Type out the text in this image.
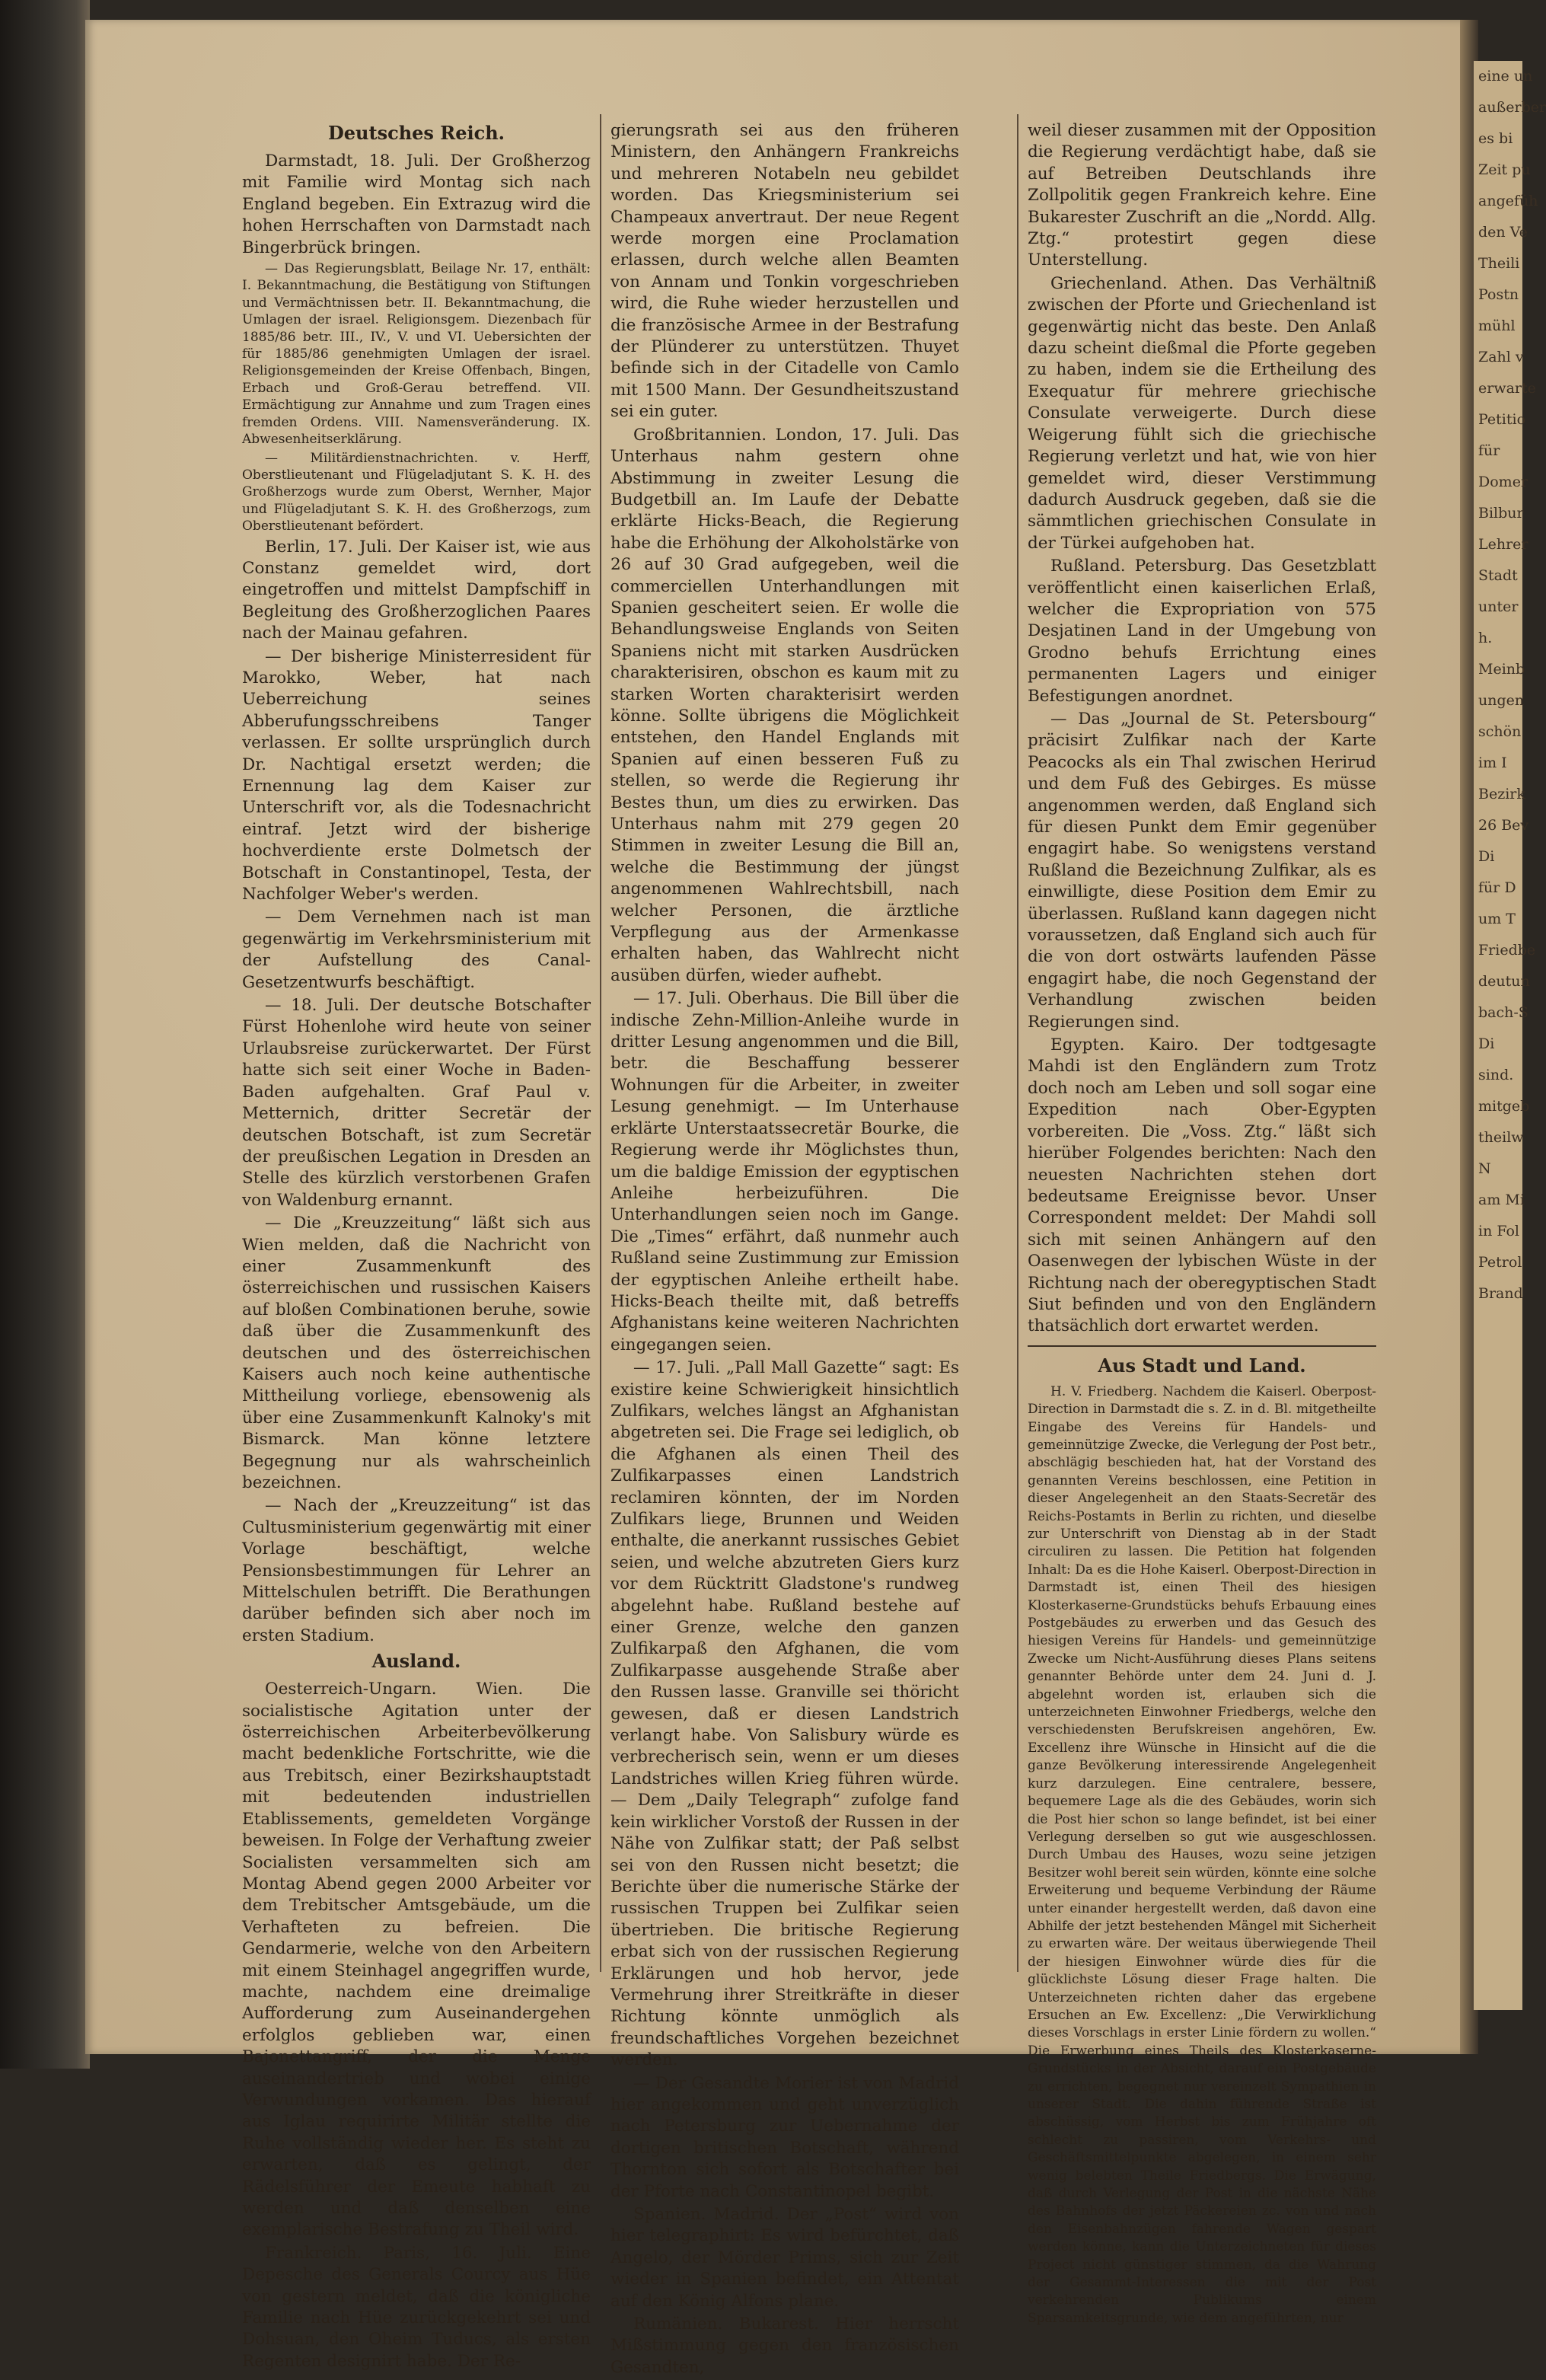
eine un
außerber
es bi
Zeit pu
angefüh
den Ve
Theili
Postn
mühl
Zahl v
erwarte
Petitio
für
Domer
Bilbur
Lehrer
Stadt
unter
h.
Meinb
ungen
schön
im I
Bezirk
26 Bev
Di
für D
um T
Friedbe
deutun
bach-S
Di
sind.
mitgeb
theilw
N
am Mi
in Fol
Petrol
Brand
Deutsches Reich.

Darmstadt, 18. Juli. Der Großherzog mit Familie wird Montag sich nach England begeben. Ein Extrazug wird die hohen Herrschaften von Darmstadt nach Bingerbrück bringen.

— Das Regierungsblatt, Beilage Nr. 17, enthält: I. Bekanntmachung, die Bestätigung von Stiftungen und Vermächtnissen betr. II. Bekanntmachung, die Umlagen der israel. Religionsgem. Diezenbach für 1885/86 betr. III., IV., V. und VI. Uebersichten der für 1885/86 genehmigten Umlagen der israel. Religionsgemeinden der Kreise Offenbach, Bingen, Erbach und Groß-Gerau betreffend. VII. Ermächtigung zur Annahme und zum Tragen eines fremden Ordens. VIII. Namensveränderung. IX. Abwesenheitserklärung.

— Militärdienstnachrichten. v. Herff, Oberstlieutenant und Flügeladjutant S. K. H. des Großherzogs wurde zum Oberst, Wernher, Major und Flügeladjutant S. K. H. des Großherzogs, zum Oberstlieutenant befördert.

Berlin, 17. Juli. Der Kaiser ist, wie aus Constanz gemeldet wird, dort eingetroffen und mittelst Dampfschiff in Begleitung des Großherzoglichen Paares nach der Mainau gefahren.

— Der bisherige Ministerresident für Marokko, Weber, hat nach Ueberreichung seines Abberufungsschreibens Tanger verlassen. Er sollte ursprünglich durch Dr. Nachtigal ersetzt werden; die Ernennung lag dem Kaiser zur Unterschrift vor, als die Todesnachricht eintraf. Jetzt wird der bisherige hochverdiente erste Dolmetsch der Botschaft in Constantinopel, Testa, der Nachfolger Weber's werden.

— Dem Vernehmen nach ist man gegenwärtig im Verkehrsministerium mit der Aufstellung des Canal-Gesetzentwurfs beschäftigt.

— 18. Juli. Der deutsche Botschafter Fürst Hohenlohe wird heute von seiner Urlaubsreise zurückerwartet. Der Fürst hatte sich seit einer Woche in Baden-Baden aufgehalten. Graf Paul v. Metternich, dritter Secretär der deutschen Botschaft, ist zum Secretär der preußischen Legation in Dresden an Stelle des kürzlich verstorbenen Grafen von Waldenburg ernannt.

— Die „Kreuzzeitung“ läßt sich aus Wien melden, daß die Nachricht von einer Zusammenkunft des österreichischen und russischen Kaisers auf bloßen Combinationen beruhe, sowie daß über die Zusammenkunft des deutschen und des österreichischen Kaisers auch noch keine authentische Mittheilung vorliege, ebensowenig als über eine Zusammenkunft Kalnoky's mit Bismarck. Man könne letztere Begegnung nur als wahrscheinlich bezeichnen.

— Nach der „Kreuzzeitung“ ist das Cultusministerium gegenwärtig mit einer Vorlage beschäftigt, welche Pensionsbestimmungen für Lehrer an Mittelschulen betrifft. Die Berathungen darüber befinden sich aber noch im ersten Stadium.

Ausland.

Oesterreich-Ungarn. Wien. Die socialistische Agitation unter der österreichischen Arbeiterbevölkerung macht bedenkliche Fortschritte, wie die aus Trebitsch, einer Bezirkshauptstadt mit bedeutenden industriellen Etablissements, gemeldeten Vorgänge beweisen. In Folge der Verhaftung zweier Socialisten versammelten sich am Montag Abend gegen 2000 Arbeiter vor dem Trebitscher Amtsgebäude, um die Verhafteten zu befreien. Die Gendarmerie, welche von den Arbeitern mit einem Steinhagel angegriffen wurde, machte, nachdem eine dreimalige Aufforderung zum Auseinandergehen erfolglos geblieben war, einen Bajonettangriff, der die Menge auseinandertrieb und wobei einige Verwundungen vorkamen. Das hierauf aus Iglau requirirte Militär stellte die Ruhe vollständig wieder her. Es steht zu erwarten, daß es gelingt, der Rädelsführer der Emeute habhaft zu werden und daß denselben eine exemplarische Bestrafung zu Theil wird.

Frankreich. Paris, 16. Juli. Eine Depesche des Generals Courcy aus Hüe von gestern meldet, daß die königliche Familie nach Hüe zurückgekehrt sei und Dohsuan, den Oheim Tuducs, als ersten Regenten designirt habe. Der Re-

gierungsrath sei aus den früheren Ministern, den Anhängern Frankreichs und mehreren Notabeln neu gebildet worden. Das Kriegsministerium sei Champeaux anvertraut. Der neue Regent werde morgen eine Proclamation erlassen, durch welche allen Beamten von Annam und Tonkin vorgeschrieben wird, die Ruhe wieder herzustellen und die französische Armee in der Bestrafung der Plünderer zu unterstützen. Thuyet befinde sich in der Citadelle von Camlo mit 1500 Mann. Der Gesundheitszustand sei ein guter.

Großbritannien. London, 17. Juli. Das Unterhaus nahm gestern ohne Abstimmung in zweiter Lesung die Budgetbill an. Im Laufe der Debatte erklärte Hicks-Beach, die Regierung habe die Erhöhung der Alkoholstärke von 26 auf 30 Grad aufgegeben, weil die commerciellen Unterhandlungen mit Spanien gescheitert seien. Er wolle die Behandlungsweise Englands von Seiten Spaniens nicht mit starken Ausdrücken charakterisiren, obschon es kaum mit zu starken Worten charakterisirt werden könne. Sollte übrigens die Möglichkeit entstehen, den Handel Englands mit Spanien auf einen besseren Fuß zu stellen, so werde die Regierung ihr Bestes thun, um dies zu erwirken. Das Unterhaus nahm mit 279 gegen 20 Stimmen in zweiter Lesung die Bill an, welche die Bestimmung der jüngst angenommenen Wahlrechtsbill, nach welcher Personen, die ärztliche Verpflegung aus der Armenkasse erhalten haben, das Wahlrecht nicht ausüben dürfen, wieder aufhebt.

— 17. Juli. Oberhaus. Die Bill über die indische Zehn-Million-Anleihe wurde in dritter Lesung angenommen und die Bill, betr. die Beschaffung besserer Wohnungen für die Arbeiter, in zweiter Lesung genehmigt. — Im Unterhause erklärte Unterstaatssecretär Bourke, die Regierung werde ihr Möglichstes thun, um die baldige Emission der egyptischen Anleihe herbeizuführen. Die Unterhandlungen seien noch im Gange. Die „Times“ erfährt, daß nunmehr auch Rußland seine Zustimmung zur Emission der egyptischen Anleihe ertheilt habe. Hicks-Beach theilte mit, daß betreffs Afghanistans keine weiteren Nachrichten eingegangen seien.

— 17. Juli. „Pall Mall Gazette“ sagt: Es existire keine Schwierigkeit hinsichtlich Zulfikars, welches längst an Afghanistan abgetreten sei. Die Frage sei lediglich, ob die Afghanen als einen Theil des Zulfikarpasses einen Landstrich reclamiren könnten, der im Norden Zulfikars liege, Brunnen und Weiden enthalte, die anerkannt russisches Gebiet seien, und welche abzutreten Giers kurz vor dem Rücktritt Gladstone's rundweg abgelehnt habe. Rußland bestehe auf einer Grenze, welche den ganzen Zulfikarpaß den Afghanen, die vom Zulfikarpasse ausgehende Straße aber den Russen lasse. Granville sei thöricht gewesen, daß er diesen Landstrich verlangt habe. Von Salisbury würde es verbrecherisch sein, wenn er um dieses Landstriches willen Krieg führen würde. — Dem „Daily Telegraph“ zufolge fand kein wirklicher Vorstoß der Russen in der Nähe von Zulfikar statt; der Paß selbst sei von den Russen nicht besetzt; die Berichte über die numerische Stärke der russischen Truppen bei Zulfikar seien übertrieben. Die britische Regierung erbat sich von der russischen Regierung Erklärungen und hob hervor, jede Vermehrung ihrer Streitkräfte in dieser Richtung könnte unmöglich als freundschaftliches Vorgehen bezeichnet werden.

— Der Gesandte Morier ist von Madrid hier angekommen und geht unverzüglich nach Petersburg zur Uebernahme der dortigen britischen Botschaft, während Thornton sich sofort als Botschafter bei der Pforte nach Constantinopel begibt.

Spanien. Madrid. Der „Post“ wird von hier telegraphirt: Es wird befürchtet, daß Angelo, der Mörder Prims, sich zur Zeit wieder in Spanien befindet, ein Attentat auf den König Alfons plane.

Rumänien. Bukarest. Hier herrscht Mißstimmung gegen den französischen Gesandten,

weil dieser zusammen mit der Opposition die Regierung verdächtigt habe, daß sie auf Betreiben Deutschlands ihre Zollpolitik gegen Frankreich kehre. Eine Bukarester Zuschrift an die „Nordd. Allg. Ztg.“ protestirt gegen diese Unterstellung.

Griechenland. Athen. Das Verhältniß zwischen der Pforte und Griechenland ist gegenwärtig nicht das beste. Den Anlaß dazu scheint dießmal die Pforte gegeben zu haben, indem sie die Ertheilung des Exequatur für mehrere griechische Consulate verweigerte. Durch diese Weigerung fühlt sich die griechische Regierung verletzt und hat, wie von hier gemeldet wird, dieser Verstimmung dadurch Ausdruck gegeben, daß sie die sämmtlichen griechischen Consulate in der Türkei aufgehoben hat.

Rußland. Petersburg. Das Gesetzblatt veröffentlicht einen kaiserlichen Erlaß, welcher die Expropriation von 575 Desjatinen Land in der Umgebung von Grodno behufs Errichtung eines permanenten Lagers und einiger Befestigungen anordnet.

— Das „Journal de St. Petersbourg“ präcisirt Zulfikar nach der Karte Peacocks als ein Thal zwischen Herirud und dem Fuß des Gebirges. Es müsse angenommen werden, daß England sich für diesen Punkt dem Emir gegenüber engagirt habe. So wenigstens verstand Rußland die Bezeichnung Zulfikar, als es einwilligte, diese Position dem Emir zu überlassen. Rußland kann dagegen nicht voraussetzen, daß England sich auch für die von dort ostwärts laufenden Pässe engagirt habe, die noch Gegenstand der Verhandlung zwischen beiden Regierungen sind.

Egypten. Kairo. Der todtgesagte Mahdi ist den Engländern zum Trotz doch noch am Leben und soll sogar eine Expedition nach Ober-Egypten vorbereiten. Die „Voss. Ztg.“ läßt sich hierüber Folgendes berichten: Nach den neuesten Nachrichten stehen dort bedeutsame Ereignisse bevor. Unser Correspondent meldet: Der Mahdi soll sich mit seinen Anhängern auf den Oasenwegen der lybischen Wüste in der Richtung nach der oberegyptischen Stadt Siut befinden und von den Engländern thatsächlich dort erwartet werden.

Aus Stadt und Land.

H. V. Friedberg. Nachdem die Kaiserl. Oberpost-Direction in Darmstadt die s. Z. in d. Bl. mitgetheilte Eingabe des Vereins für Handels- und gemeinnützige Zwecke, die Verlegung der Post betr., abschlägig beschieden hat, hat der Vorstand des genannten Vereins beschlossen, eine Petition in dieser Angelegenheit an den Staats-Secretär des Reichs-Postamts in Berlin zu richten, und dieselbe zur Unterschrift von Dienstag ab in der Stadt circuliren zu lassen. Die Petition hat folgenden Inhalt: Da es die Hohe Kaiserl. Oberpost-Direction in Darmstadt ist, einen Theil des hiesigen Klosterkaserne-Grundstücks behufs Erbauung eines Postgebäudes zu erwerben und das Gesuch des hiesigen Vereins für Handels- und gemeinnützige Zwecke um Nicht-Ausführung dieses Plans seitens genannter Behörde unter dem 24. Juni d. J. abgelehnt worden ist, erlauben sich die unterzeichneten Einwohner Friedbergs, welche den verschiedensten Berufskreisen angehören, Ew. Excellenz ihre Wünsche in Hinsicht auf die die ganze Bevölkerung interessirende Angelegenheit kurz darzulegen. Eine centralere, bessere, bequemere Lage als die des Gebäudes, worin sich die Post hier schon so lange befindet, ist bei einer Verlegung derselben so gut wie ausgeschlossen. Durch Umbau des Hauses, wozu seine jetzigen Besitzer wohl bereit sein würden, könnte eine solche Erweiterung und bequeme Verbindung der Räume unter einander hergestellt werden, daß davon eine Abhilfe der jetzt bestehenden Mängel mit Sicherheit zu erwarten wäre. Der weitaus überwiegende Theil der hiesigen Einwohner würde dies für die glücklichste Lösung dieser Frage halten. Die Unterzeichneten richten daher das ergebene Ersuchen an Ew. Excellenz: „Die Verwirklichung dieses Vorschlags in erster Linie fördern zu wollen.“ Die Erwerbung eines Theils des Klosterkaserne-Grundstücks in der Absicht, darauf ein Postgebäude zu errichten, begegnet nur vereinzelt Sympathien in unserer Stadt. Die dahin führende Straße ist abschüssig, vom Herbst bis zum Frühjahre oft schlecht zu passiren, vom Verkehrs- und Geschäftsmittelpunkte abgelegen, in einem sehr wenig belebten Theile Friedbergs. Die Erwägung, daß durch Verlegung der Post in die nächste Nähe des Bahnhofs der jetzt Päckereien zc. von und nach den Eisenbahnzügen fahrende Wagen gespart werden könne, kann die Unterzeichneten für dieses Project nicht günstiger stimmen, da die Wahrung der Gesammt-Interessen die mit der Post verkehrenden Publikums einem Sparsamkeitsgrunde, wie dem angeführten, nur
